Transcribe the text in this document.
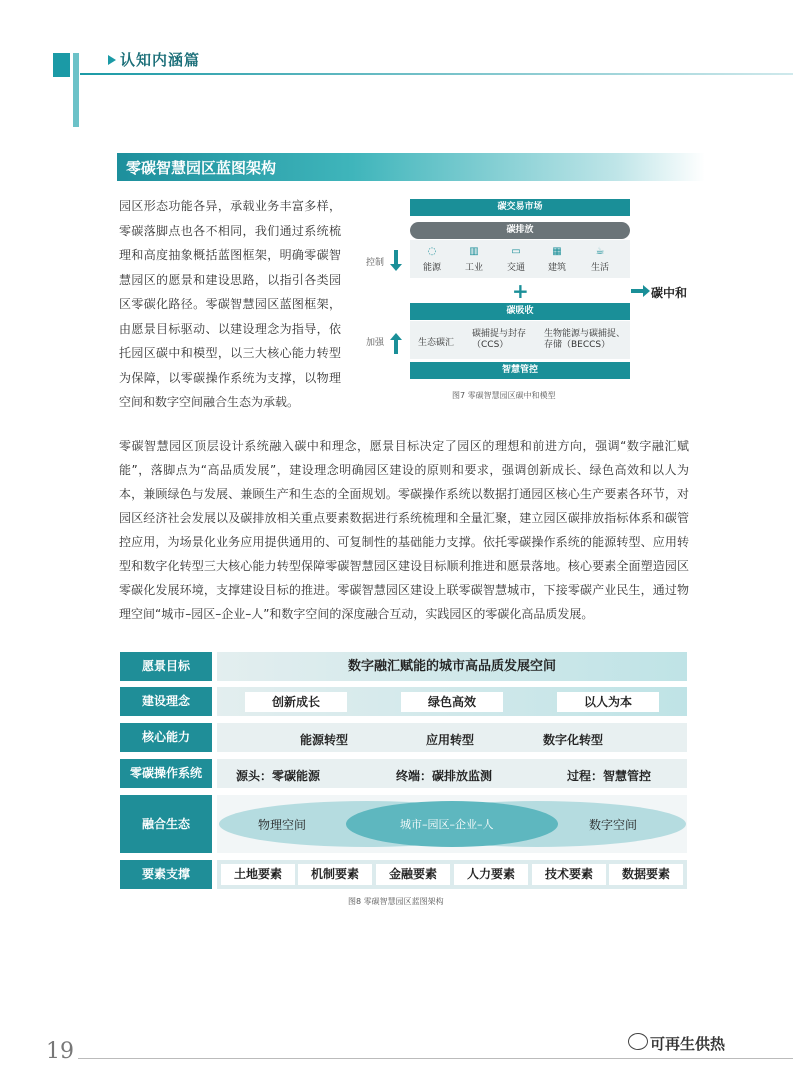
认知内涵篇
零碳智慧园区蓝图架构
园区形态功能各异，承载业务丰富多样，零碳落脚点也各不相同，我们通过系统梳理和高度抽象概括蓝图框架，明确零碳智慧园区的愿景和建设思路，以指引各类园区零碳化路径。零碳智慧园区蓝图框架，由愿景目标驱动、以建设理念为指导，依托园区碳中和模型，以三大核心能力转型为保障，以零碳操作系统为支撑，以物理空间和数字空间融合生态为承载。
碳交易市场
碳排放
◌
能源
▥
工业
▭
交通
▦
建筑
☕
生活
控制
+	碳中和
碳吸收
生态碳汇
碳捕捉与封存（CCS）
生物能源与碳捕捉、存储（BECCS）
加强
智慧管控
图7 零碳智慧园区碳中和模型
零碳智慧园区顶层设计系统融入碳中和理念，愿景目标决定了园区的理想和前进方向，强调“数字融汇赋能”，落脚点为“高品质发展”，建设理念明确园区建设的原则和要求，强调创新成长、绿色高效和以人为本，兼顾绿色与发展、兼顾生产和生态的全面规划。零碳操作系统以数据打通园区核心生产要素各环节，对园区经济社会发展以及碳排放相关重点要素数据进行系统梳理和全量汇聚，建立园区碳排放指标体系和碳管控应用，为场景化业务应用提供通用的、可复制性的基础能力支撑。依托零碳操作系统的能源转型、应用转型和数字化转型三大核心能力转型保障零碳智慧园区建设目标顺利推进和愿景落地。核心要素全面塑造园区零碳化发展环境，支撑建设目标的推进。零碳智慧园区建设上联零碳智慧城市，下接零碳产业民生，通过物理空间“城市–园区–企业–人”和数字空间的深度融合互动，实践园区的零碳化高品质发展。
愿景目标	数字融汇赋能的城市高品质发展空间
建设理念	创新成长	绿色高效	以人为本
核心能力	能源转型	应用转型	数字化转型
零碳操作系统	源头：零碳能源	终端：碳排放监测	过程：智慧管控
融合生态	物理空间	城市–园区–企业–人	数字空间
要素支撑	土地要素	机制要素	金融要素	人力要素	技术要素	数据要素
图8 零碳智慧园区蓝图架构
19	可再生供热
